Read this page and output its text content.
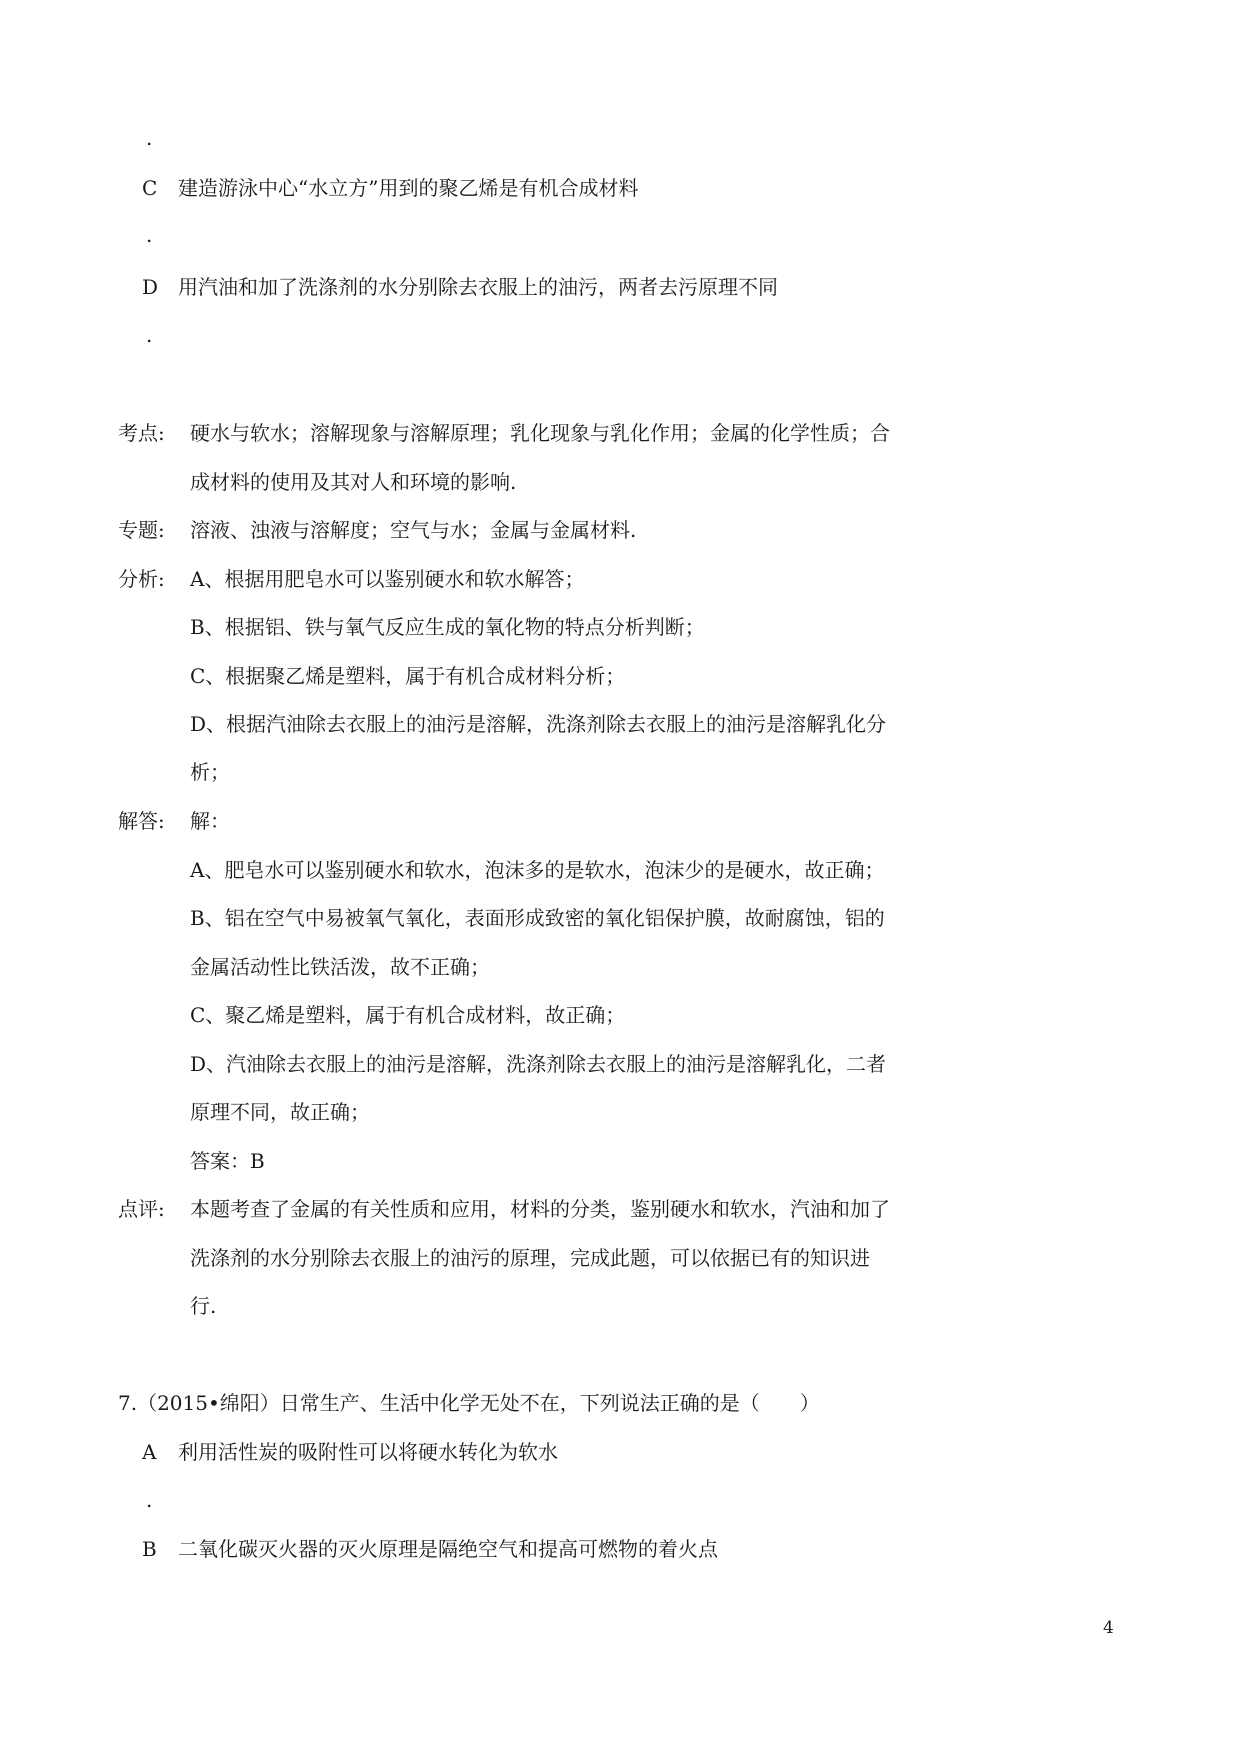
.
C 建造游泳中心“水立方”用到的聚乙烯是有机合成材料
.
D 用汽油和加了洗涤剂的水分别除去衣服上的油污，两者去污原理不同
.
考点: 硬水与软水；溶解现象与溶解原理；乳化现象与乳化作用；金属的化学性质；合
成材料的使用及其对人和环境的影响.
专题: 溶液、浊液与溶解度；空气与水；金属与金属材料.
分析: A、根据用肥皂水可以鉴别硬水和软水解答；
B、根据铝、铁与氧气反应生成的氧化物的特点分析判断；
C、根据聚乙烯是塑料，属于有机合成材料分析；
D、根据汽油除去衣服上的油污是溶解，洗涤剂除去衣服上的油污是溶解乳化分
析；
解答: 解：
A、肥皂水可以鉴别硬水和软水，泡沫多的是软水，泡沫少的是硬水，故正确；
B、铝在空气中易被氧气氧化，表面形成致密的氧化铝保护膜，故耐腐蚀，铝的
金属活动性比铁活泼，故不正确；
C、聚乙烯是塑料，属于有机合成材料，故正确；
D、汽油除去衣服上的油污是溶解，洗涤剂除去衣服上的油污是溶解乳化，二者
原理不同，故正确；
答案：B
点评: 本题考查了金属的有关性质和应用，材料的分类，鉴别硬水和软水，汽油和加了
洗涤剂的水分别除去衣服上的油污的原理，完成此题，可以依据已有的知识进
行.
7.（2015•绵阳）日常生产、生活中化学无处不在，下列说法正确的是（　　）
A 利用活性炭的吸附性可以将硬水转化为软水
.
B 二氧化碳灭火器的灭火原理是隔绝空气和提高可燃物的着火点
4
